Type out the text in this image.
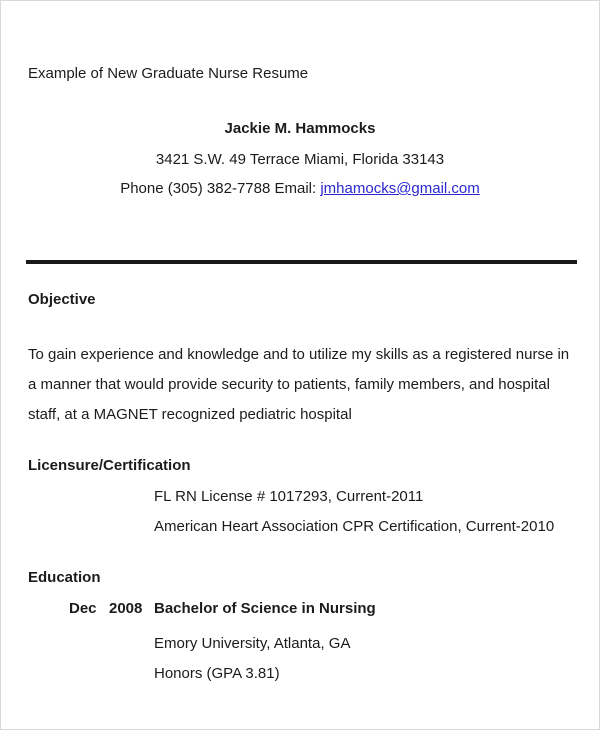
Example of New Graduate Nurse Resume
Jackie M. Hammocks
3421 S.W. 49 Terrace Miami, Florida 33143
Phone (305) 382-7788 Email: jmhamocks@gmail.com
Objective
To gain experience and knowledge and to utilize my skills as a registered nurse in a manner that would provide security to patients, family members, and hospital staff, at a MAGNET recognized pediatric hospital
Licensure/Certification
FL RN License # 1017293, Current-2011
American Heart Association CPR Certification, Current-2010
Education
Dec 2008 Bachelor of Science in Nursing
Emory University, Atlanta, GA
Honors (GPA 3.81)
